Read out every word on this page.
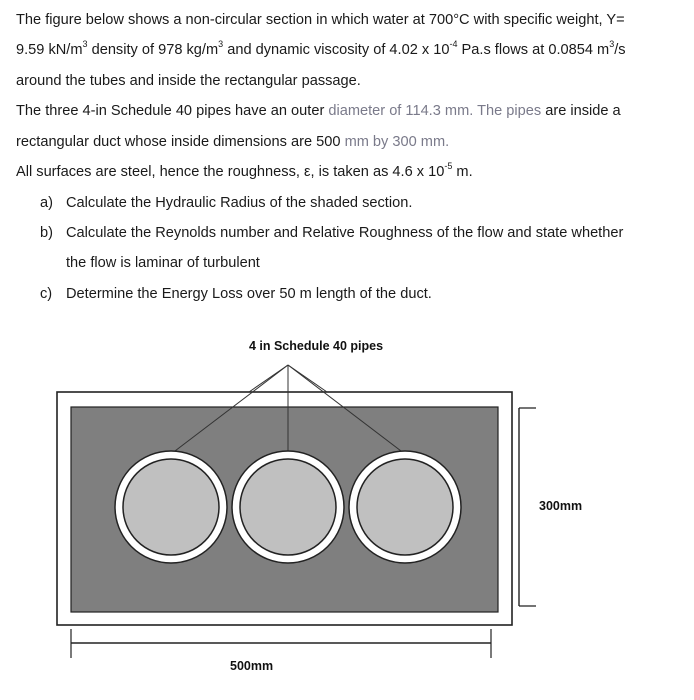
The figure below shows a non-circular section in which water at 700°C with specific weight, Y=
9.59 $kN/m^3$ density of 978 $kg/m^3$ and dynamic viscosity of 4.02 x $10^{-4}$ Pa.s flows at 0.0854 $m^3/s$
around the tubes and inside the rectangular passage.
The three 4-in Schedule 40 pipes have an outer diameter of 114.3 mm. The pipes are inside a
rectangular duct whose inside dimensions are 500 mm by 300 mm.
All surfaces are steel, hence the roughness, ε, is taken as 4.6 x $10^{-5}$ m.
a) Calculate the Hydraulic Radius of the shaded section.
b) Calculate the Reynolds number and Relative Roughness of the flow and state whether
the flow is laminar of turbulent
c) Determine the Energy Loss over 50 m length of the duct.
4 in Schedule 40 pipes
300mm
500mm
